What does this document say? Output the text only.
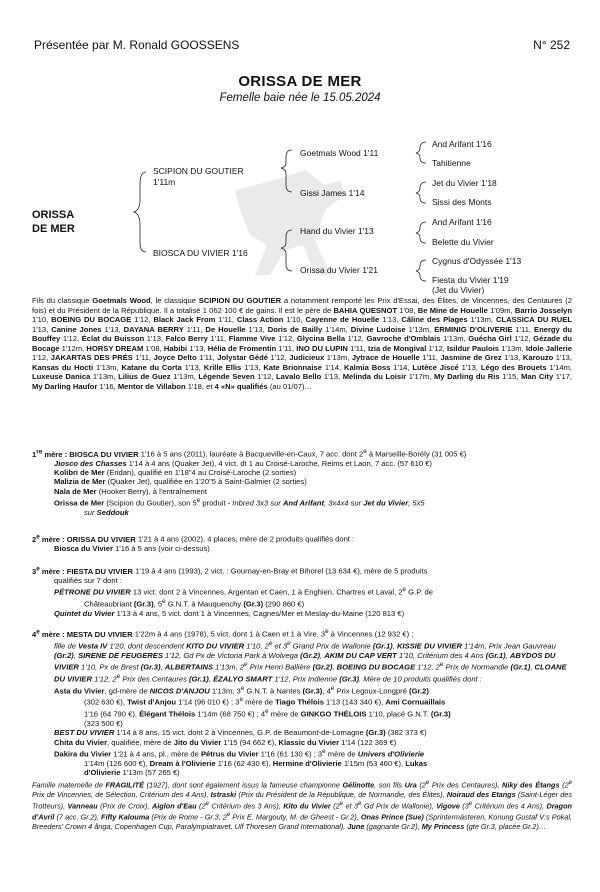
Présentée par M. Ronald GOOSSENS	N° 252
ORISSA DE MER
Femelle baie née le 15.05.2024
ORISSA
DE MER
SCIPION DU GOUTIER
1'11m
BIOSCA DU VIVIER 1'16
Goetmals Wood 1'11
Gissi James 1'14
Hand du Vivier 1'13
Orissa du Vivier 1'21
And Arifant 1'16
Tahitienne
Jet du Vivier 1'18
Sissi des Monts
And Arifant 1'16
Belette du Vivier
Cygnus d'Odyssée 1'13
Fiesta du Vivier 1'19
(Jet du Vivier)
Fils du classique Goetmals Wood, le classique SCIPION DU GOUTIER a notamment remporté les Prix d'Essai, des Élites, de Vincennes, des Centaures (2 fois) et du Président de la République. Il a totalisé 1 062 100 € de gains. Il est le père de BAHIA QUESNOT 1'08, Be Mine de Houelle 1'09m, Barrio Josselyn 1'10, BOEING DU BOCAGE 1'12, Black Jack From 1'11, Class Action 1'10, Cayenne de Houelle 1'13, Câline des Plages 1'13m, CLASSICA DU RUEL 1'13, Canine Jones 1'13, DAYANA BERRY 1'11, De Houelle 1'13, Doris de Bailly 1'14m, Divine Ludoise 1'13m, ERMINIG D'OLIVERIE 1'11, Energy du Bouffey 1'12, Éclat du Buisson 1'13, Falco Berry 1'11, Flamme Vive 1'12, Glycina Bella 1'12, Gavroche d'Omblais 1'13m, Guécha Girl 1'12, Gézade du Bocage 1'12m, HORSY DREAM 1'08, Habibi 1'13, Hélia de Fromentin 1'11, INO DU LUPIN 1'11, Izia de Mongival 1'12, Isildur Paulois 1'13m, Idole Jallerie 1'12, JAKARTAS DES PRÉS 1'11, Joyce Delto 1'11, Jolystar Gédé 1'12, Judicieux 1'13m, Jytrace de Houelle 1'11, Jasmine de Grez 1'13, Karouzo 1'13, Kansas du Hocti 1'13m, Katane du Corta 1'13, Krille Ellis 1'13, Kate Brionnaise 1'14, Kalmia Boss 1'14, Lutèce Jiscé 1'13, Légo des Brouets 1'14m, Luxeuse Danica 1'13m, Lilius de Guez 1'13m, Légende Seven 1'12, Lavalo Bello 1'13, Melinda du Loisir 1'17m, My Darling du Ris 1'15, Man City 1'17, My Darling Haufor 1'16, Mentor de Villabon 1'18, et 4 «N» qualifiés (au 01/07)…

1re mère : BIOSCA DU VIVIER 1'16 à 5 ans (2011), lauréate à Bacqueville-en-Caux, 7 acc. dont 2e à Marseille-Borély (31 005 €)

Jiosco des Chasses 1'14 à 4 ans (Quaker Jet), 4 vict. dt 1 au Croisé-Laroche, Reims et Laon, 7 acc. (57 610 €)

Kolibri de Mer (Eridan), qualifié en 1'18"4 au Croisé-Laroche (2 sorties)

Malizia de Mer (Quaker Jet), qualifiée en 1'20"5 à Saint-Galmier (2 sorties)

Nala de Mer (Hooker Berry), à l'entraînement

Orissa de Mer (Scipion du Goutier), son 5e produit - Inbred 3x3 sur And Arifant, 3x4x4 sur Jet du Vivier, 5x5

sur Seddouk

2e mère : ORISSA DU VIVIER 1'21 à 4 ans (2002), 4 places, mère de 2 produits qualifiés dont :

Biosca du Vivier 1'16 à 5 ans (voir ci-dessus)

3e mère : FIESTA DU VIVIER 1'19 à 4 ans (1993), 2 vict. : Gournay-en-Bray et Bihorel (13 634 €), mère de 5 produits

qualifiés sur 7 dont :

PÉTRONE DU VIVIER 13 vict. dont 2 à Vincennes, Argentan et Caen, 1 à Enghien, Chartres et Laval, 2e G.P. de

Châteaubriant (Gr.3), 5e G.N.T. à Mauquenchy (Gr.3) (290 860 €)

Quintet du Vivier 1'13 à 4 ans, 5 vict. dont 1 à Vincennes, Cagnes/Mer et Meslay-du-Maine (120 813 €)

4e mère : MESTA DU VIVIER 1'22m à 4 ans (1978), 5 vict. dont 1 à Caen et 1 à Vire, 3e à Vincennes (12 932 €) ;

fille de Vesta IV 1'20, dont descendent KITO DU VIVIER 1'10, 2e et 3e Grand Prix de Wallonie (Gr.1), KISSIE DU VIVIER 1'14m, Prix Jean Gauvreau (Gr.2), SIRENE DE FEUGERES 1'12, Gd Px de Victoria Park à Wolvega (Gr.2), AKIM DU CAP VERT 1'10, Critérium des 4 Ans (Gr.1), ABYDOS DU VIVIER 1'10, Px de Brest (Gr.3), ALBERTAINS 1'13m, 2e Prix Henri Ballière (Gr.2), BOEING DU BOCAGE 1'12, 2e Prix de Normandie (Gr.1), CLOANE DU VIVIER 1'12, 2e Prix des Centaures (Gr.1), ÉZALYO SMART 1'12, Prix Indienne (Gr.3). Mère de 10 produits qualifiés dont :

Asta du Vivier, gd-mère de NICOS D'ANJOU 1'13m, 3e G.N.T. à Nantes (Gr.3), 4e Prix Legoux-Longpré (Gr.2)

(302 630 €), Twist d'Anjou 1'14 (96 010 €) ; 3e mère de Tiago Thélois 1'13 (143 340 €), Ami Cornuaillais

1'16 (64 790 €), Élégant Thélois 1'14m (68 750 €) ; 4e mère de GINKGO THÉLOIS 1'10, placé G.N.T. (Gr.3)

(323 500 €)

BEST DU VIVIER 1'14 à 8 ans, 15 vict. dont 2 à Vincennes, G.P. de Beaumont-de-Lomagne (Gr.3) (382 373 €)

Chita du Vivier, qualifiée, mère de Jito du Vivier 1'15 (94 662 €), Klassic du Vivier 1'14 (122 369 €)

Dakira du Vivier 1'21 à 4 ans, pl., mère de Pétrus du Vivier 1'16 (61 130 €) ; 3e mère de Univers d'Olivierie

1'14m (126 600 €), Dream à l'Olivierie 1'16 (62 430 €), Hermine d'Olivierie 1'15m (53 460 €), Lukas

d'Olivierie 1'13m (57 265 €)

Famille maternelle de FRAGILITÉ (1927), dont sont également issus la fameuse championne Gélinotte, son fils Ura (2e Prix des Centaures), Niky des Étangs (2e Prix de Vincennes, de Sélection, Critérium des 4 Ans), Istraski (Prix du Président de la République, de Normandie, des Élites), Noiraud des Etangs (Saint-Léger des Trotteurs), Vanneau (Prix de Croix), Aiglon d'Eau (2e Critérium des 3 Ans), Kito du Vivier (2e et 3e Gd Prix de Wallonie), Vigove (3e Critérium des 4 Ans), Dragon d'Avril (7 acc. Gr.2), Fifty Kalouma (Prix de Rome - Gr.3, 2e Prix E. Margouty, M. de Gheest - Gr.2), Onas Prince (Sue) (Sprintermästeren, Konung Gustaf V:s Pokal, Breeders' Crown 4 ånga, Copenhagen Cup, Paralympiatravet, Ulf Thoresen Grand International), June (gagnante Gr.2), My Princess (gte Gr.3, placée Gr.2)…
